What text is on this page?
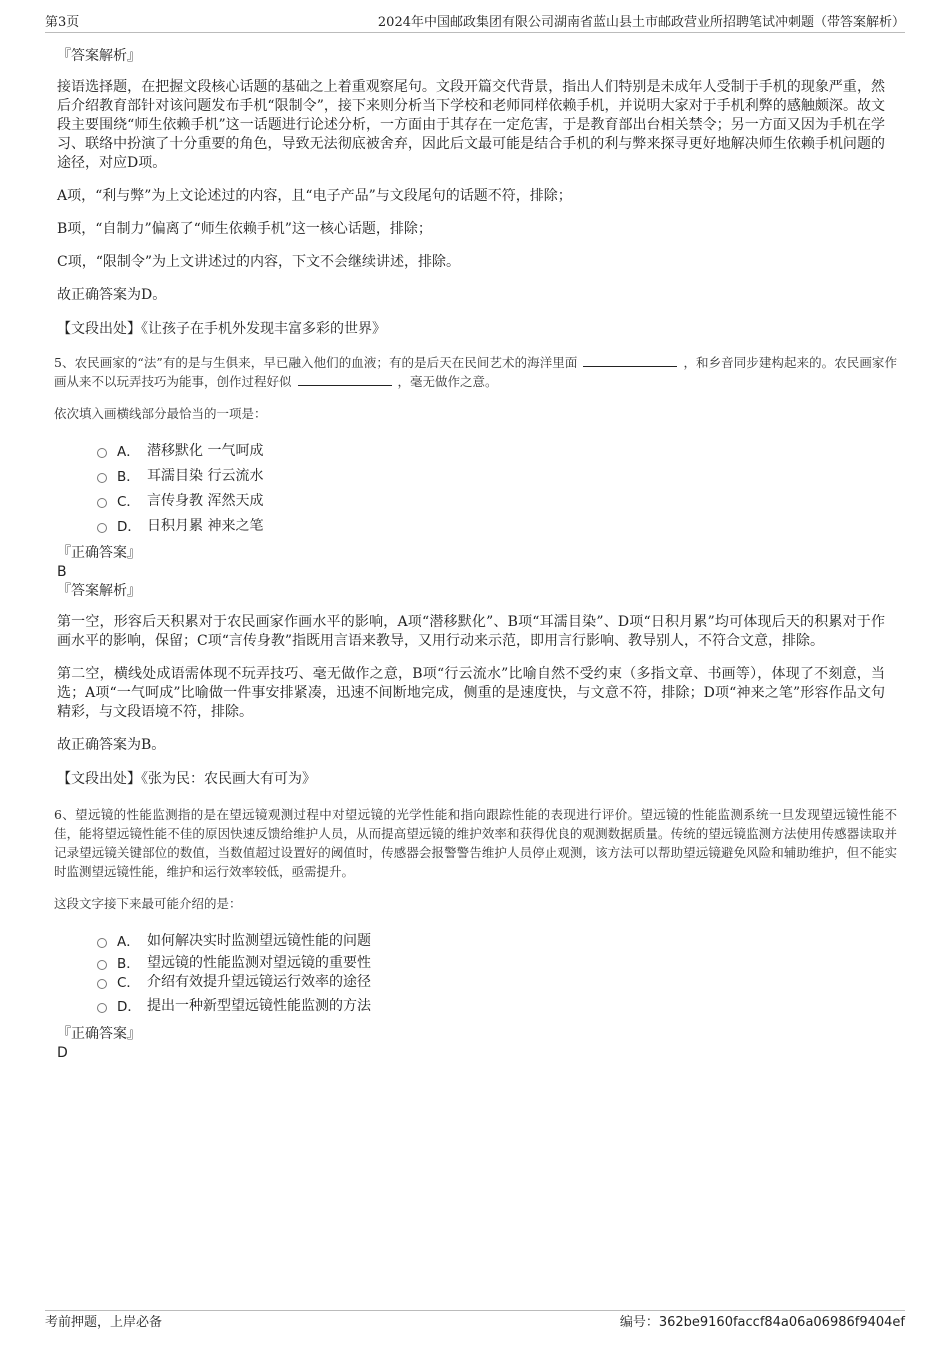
第3页	2024年中国邮政集团有限公司湖南省蓝山县土市邮政营业所招聘笔试冲刺题（带答案解析）
『答案解析』

接语选择题，在把握文段核心话题的基础之上着重观察尾句。文段开篇交代背景，指出人们特别是未成年人受制于手机的现象严重，然后介绍教育部针对该问题发布手机“限制令”，接下来则分析当下学校和老师同样依赖手机，并说明大家对于手机利弊的感触颇深。故文段主要围绕“师生依赖手机”这一话题进行论述分析，一方面由于其存在一定危害，于是教育部出台相关禁令；另一方面又因为手机在学习、联络中扮演了十分重要的角色，导致无法彻底被舍弃，因此后文最可能是结合手机的利与弊来探寻更好地解决师生依赖手机问题的途径，对应D项。

A项，“利与弊”为上文论述过的内容，且“电子产品”与文段尾句的话题不符，排除；

B项，“自制力”偏离了“师生依赖手机”这一核心话题，排除；

C项，“限制令”为上文讲述过的内容，下文不会继续讲述，排除。

故正确答案为D。

【文段出处】《让孩子在手机外发现丰富多彩的世界》
5、农民画家的“法”有的是与生俱来，早已融入他们的血液；有的是后天在民间艺术的海洋里面	，和乡音同步建构起来的。农民画家作画从来不以玩弄技巧为能事，创作过程好似	，毫无做作之意。
依次填入画横线部分最恰当的一项是：
A． 潜移默化 一气呵成
B． 耳濡目染 行云流水
C． 言传身教 浑然天成
D． 日积月累 神来之笔
『正确答案』
B
『答案解析』

第一空，形容后天积累对于农民画家作画水平的影响，A项“潜移默化”、B项“耳濡目染”、D项“日积月累”均可体现后天的积累对于作画水平的影响，保留；C项“言传身教”指既用言语来教导，又用行动来示范，即用言行影响、教导别人，不符合文意，排除。

第二空，横线处成语需体现不玩弄技巧、毫无做作之意，B项“行云流水”比喻自然不受约束（多指文章、书画等），体现了不刻意，当选；A项“一气呵成”比喻做一件事安排紧凑，迅速不间断地完成，侧重的是速度快，与文意不符，排除；D项“神来之笔”形容作品文句精彩，与文段语境不符，排除。

故正确答案为B。

【文段出处】《张为民：农民画大有可为》
6、望远镜的性能监测指的是在望远镜观测过程中对望远镜的光学性能和指向跟踪性能的表现进行评价。望远镜的性能监测系统一旦发现望远镜性能不佳，能将望远镜性能不佳的原因快速反馈给维护人员，从而提高望远镜的维护效率和获得优良的观测数据质量。传统的望远镜监测方法使用传感器读取并记录望远镜关键部位的数值，当数值超过设置好的阈值时，传感器会报警警告维护人员停止观测，该方法可以帮助望远镜避免风险和辅助维护，但不能实时监测望远镜性能，维护和运行效率较低，亟需提升。
这段文字接下来最可能介绍的是：
A． 如何解决实时监测望远镜性能的问题
B． 望远镜的性能监测对望远镜的重要性
C． 介绍有效提升望远镜运行效率的途径
D． 提出一种新型望远镜性能监测的方法
『正确答案』
D
考前押题，上岸必备	编号：362be9160faccf84a06a06986f9404ef
